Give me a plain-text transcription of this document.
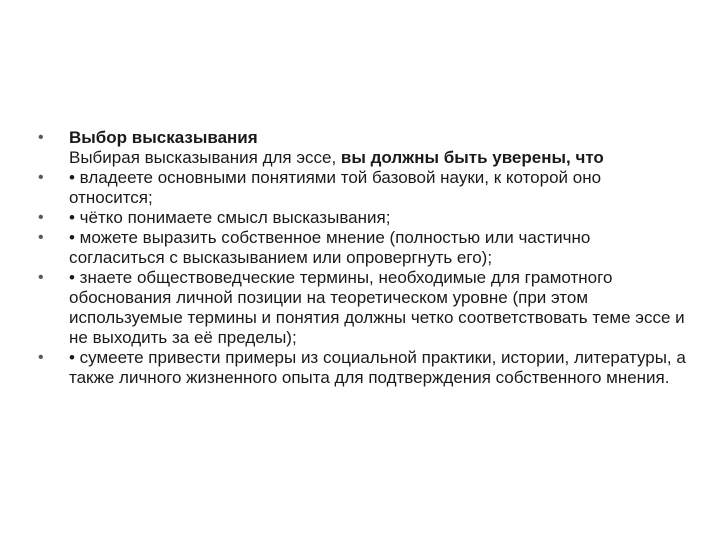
•	Выбор высказывания
Выбирая высказывания для эссе, вы должны быть уверены, что
•	• владеете основными понятиями той базовой науки, к которой оно относится;
•	• чётко понимаете смысл высказывания;
•	• можете выразить собственное мнение (полностью или частично согласиться с высказыванием или опровергнуть его);
•	• знаете обществоведческие термины, необходимые для грамотного обоснования личной позиции на теоретическом уровне (при этом используемые термины и понятия должны четко соответствовать теме эссе и не выходить за её пределы);
•	• сумеете привести примеры из социальной практики, истории, литературы, а также личного жизненного опыта для подтверждения собственного мнения.
